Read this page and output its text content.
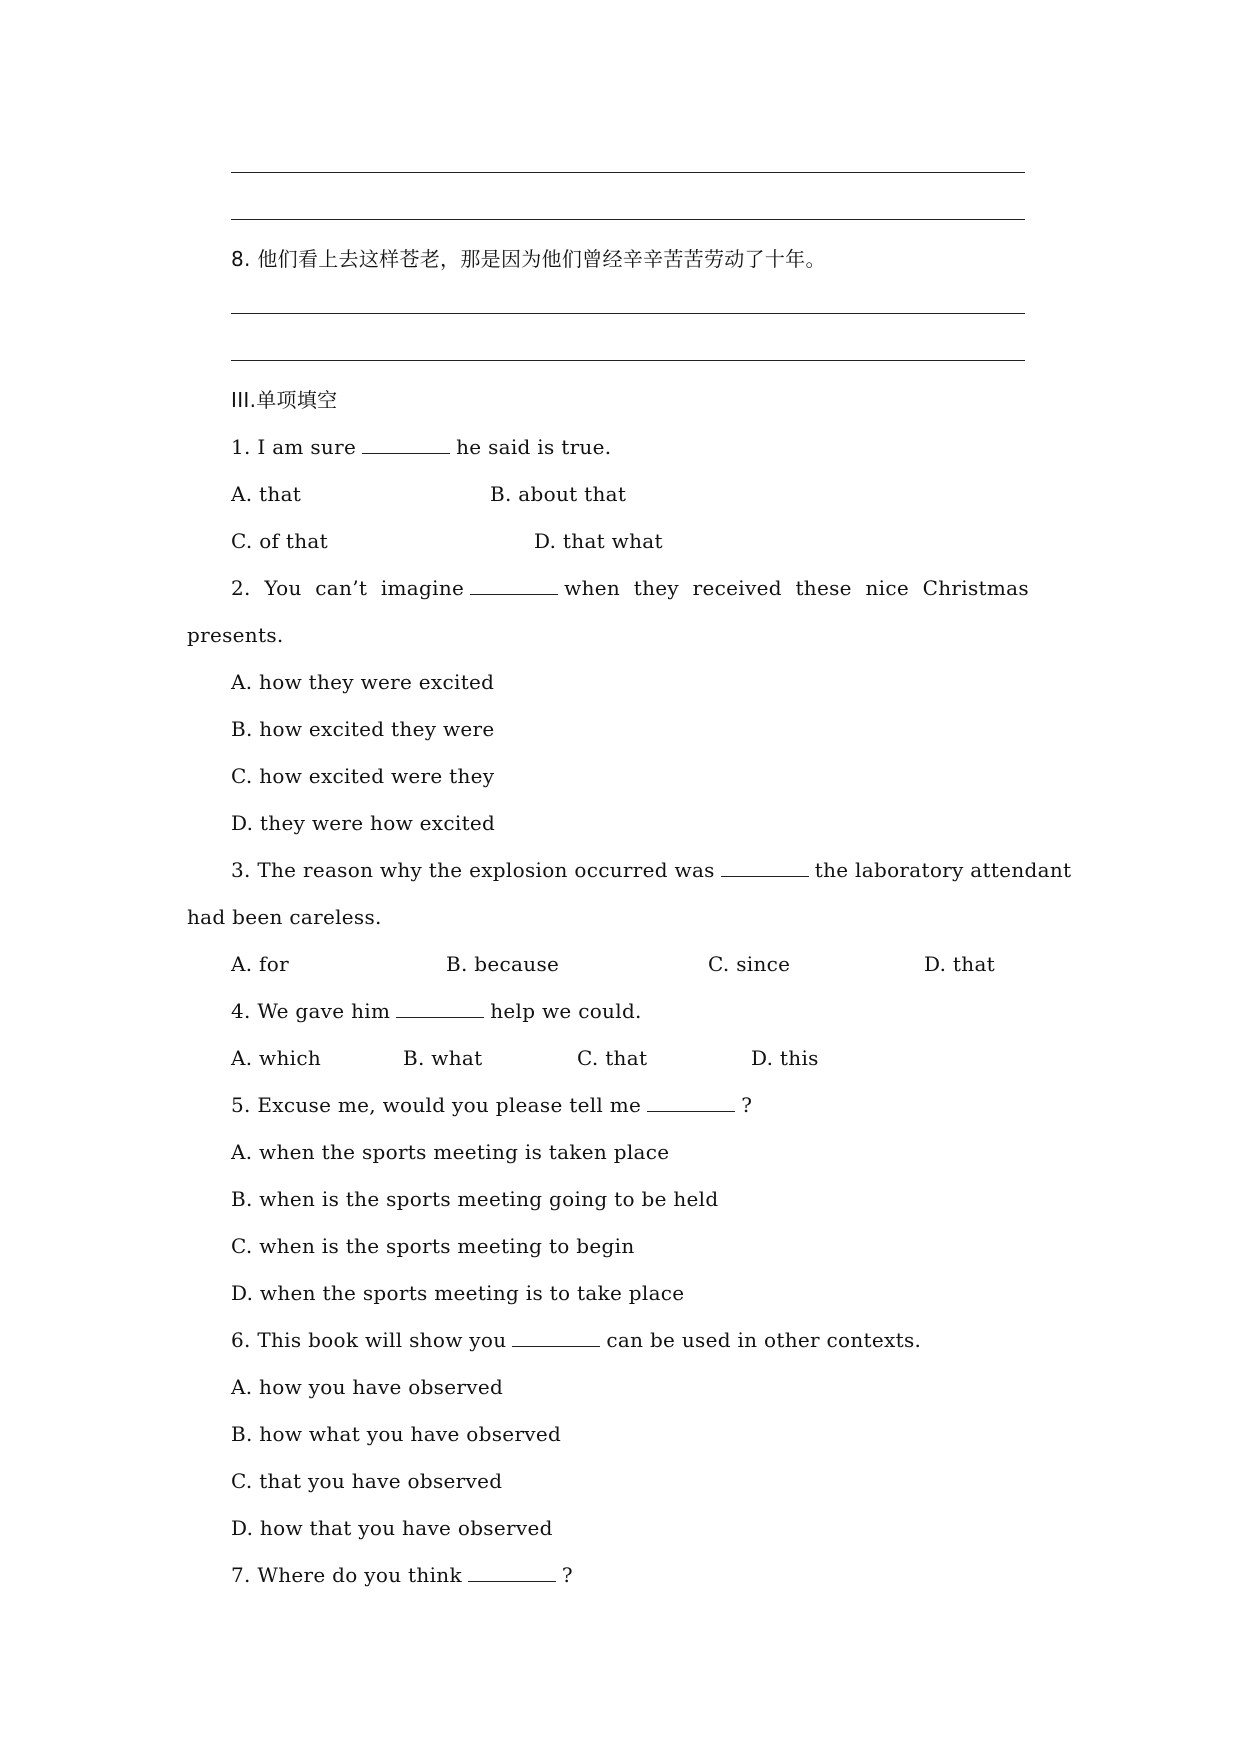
8. 他们看上去这样苍老，那是因为他们曾经辛辛苦苦劳动了十年。
III.单项填空
1. I am sure	he said is true.
A. that	B. about that
C. of that	D. that what
2. You can’t imagine	when they received these nice Christmas
presents.
A. how they were excited
B. how excited they were
C. how excited were they
D. they were how excited
3. The reason why the explosion occurred was	the laboratory attendant
had been careless.
A. for	B. because	C. since	D. that
4. We gave him	help we could.
A. which	B. what	C. that	D. this
5. Excuse me, would you please tell me	?
A. when the sports meeting is taken place
B. when is the sports meeting going to be held
C. when is the sports meeting to begin
D. when the sports meeting is to take place
6. This book will show you	can be used in other contexts.
A. how you have observed
B. how what you have observed
C. that you have observed
D. how that you have observed
7. Where do you think	?
